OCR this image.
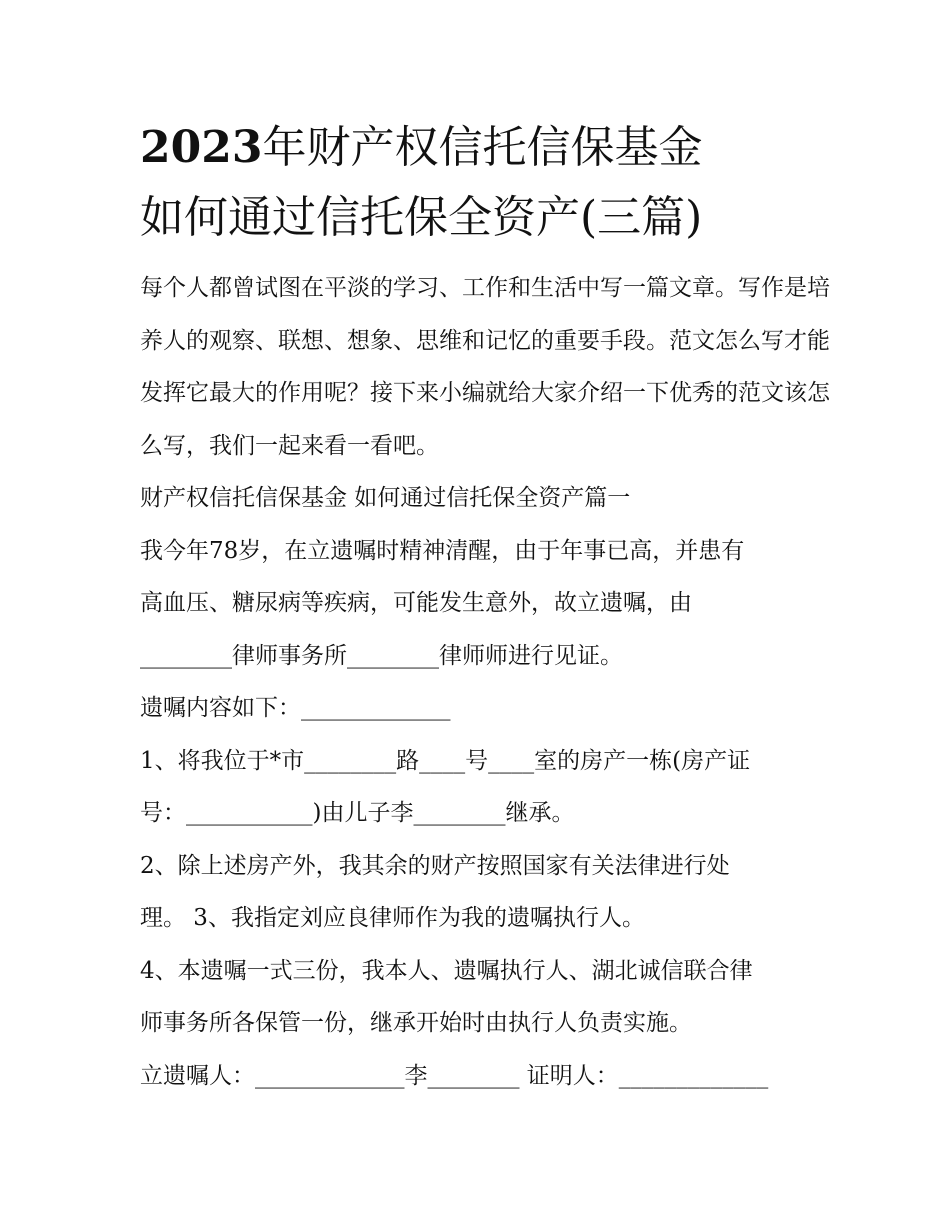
2023年财产权信托信保基金
如何通过信托保全资产(三篇)

每个人都曾试图在平淡的学习、工作和生活中写一篇文章。写作是培养人的观察、联想、想象、思维和记忆的重要手段。范文怎么写才能发挥它最大的作用呢？接下来小编就给大家介绍一下优秀的范文该怎么写，我们一起来看一看吧。

财产权信托信保基金 如何通过信托保全资产篇一

我今年78岁，在立遗嘱时精神清醒，由于年事已高，并患有

高血压、糖尿病等疾病，可能发生意外，故立遗嘱，由

________律师事务所________律师师进行见证。

遗嘱内容如下：_____________

1、将我位于*市________路____号____室的房产一栋(房产证

号：___________)由儿子李________继承。

2、除上述房产外，我其余的财产按照国家有关法律进行处

理。 3、我指定刘应良律师作为我的遗嘱执行人。

4、本遗嘱一式三份，我本人、遗嘱执行人、湖北诚信联合律

师事务所各保管一份，继承开始时由执行人负责实施。

立遗嘱人：_____________李________ 证明人：_____________
